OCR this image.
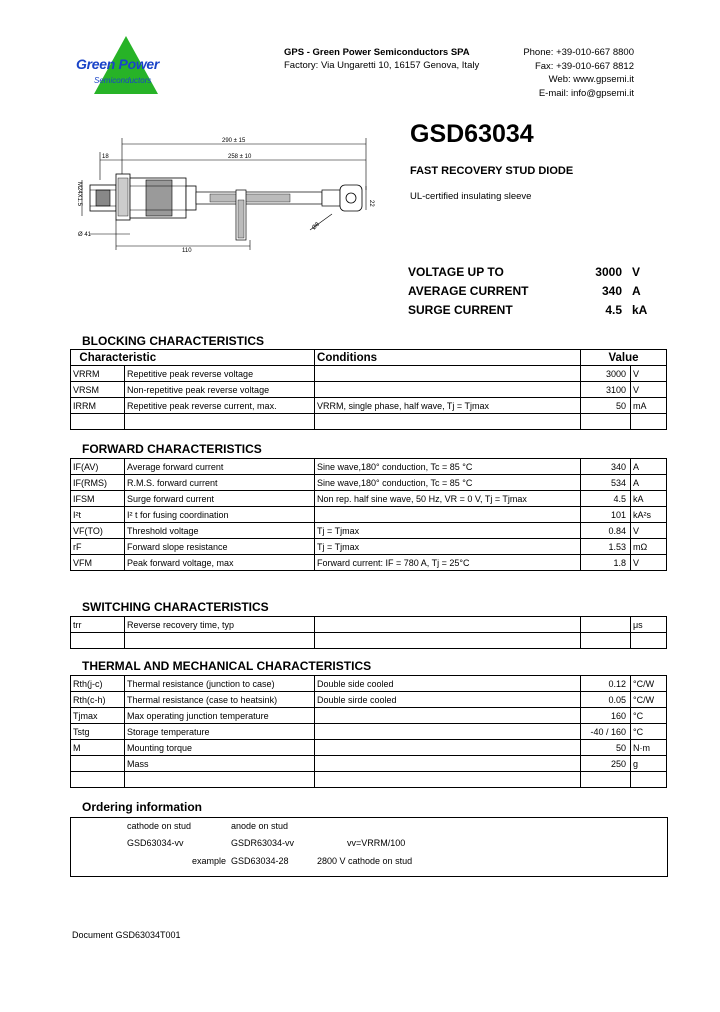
Green Power
Semiconductors
GPS - Green Power Semiconductors SPA
Factory: Via Ungaretti 10, 16157 Genova, Italy
Phone:
+39-010-667 8800
Fax:
+39-010-667 8812
Web:
www.gpsemi.it
E-mail:
info@gpsemi.it
GSD63034
FAST RECOVERY STUD DIODE
UL-certified insulating sleeve
290 ± 15
258 ± 10
18
22
Ø8
M24X1.5
Ø 41
110
VOLTAGE UP TO	3000 V
AVERAGE CURRENT	340 A
SURGE CURRENT	4.5 kA
BLOCKING CHARACTERISTICS
Characteristic		Conditions	Value	
VRRM	Repetitive peak reverse voltage		3000	V
VRSM	Non-repetitive peak reverse voltage		3100	V
IRRM	Repetitive peak reverse current, max.	VRRM, single phase, half wave, Tj = Tjmax	50	mA

FORWARD CHARACTERISTICS
IF(AV)	Average forward current	Sine wave,180° conduction, Tc = 85 °C	340	A
IF(RMS)	R.M.S. forward current	Sine wave,180° conduction, Tc = 85 °C	534	A
IFSM	Surge forward current	Non rep. half sine wave, 50 Hz, VR = 0 V, Tj = Tjmax	4.5	kA
I²t	I² t for fusing coordination		101	kA²s
VF(TO)	Threshold voltage	Tj = Tjmax	0.84	V
rF	Forward slope resistance	Tj = Tjmax	1.53	mΩ
VFM	Peak forward voltage, max	Forward current: IF = 780 A, Tj = 25°C	1.8	V
SWITCHING CHARACTERISTICS
trr	Reverse recovery time, typ			μs

THERMAL AND MECHANICAL CHARACTERISTICS
Rth(j-c)	Thermal resistance (junction to case)	Double side cooled	0.12	°C/W
Rth(c-h)	Thermal resistance (case to heatsink)	Double sirde cooled	0.05	°C/W
Tjmax	Max operating junction temperature		160	°C
Tstg	Storage temperature		-40 / 160	°C
M	Mounting torque		50	N·m
	Mass		250	g

Ordering information
cathode on stud	anode on stud
GSD63034-vv	GSDR63034-vv	vv=VRRM/100
example GSD63034-28	2800 V cathode on stud
Document GSD63034T001
